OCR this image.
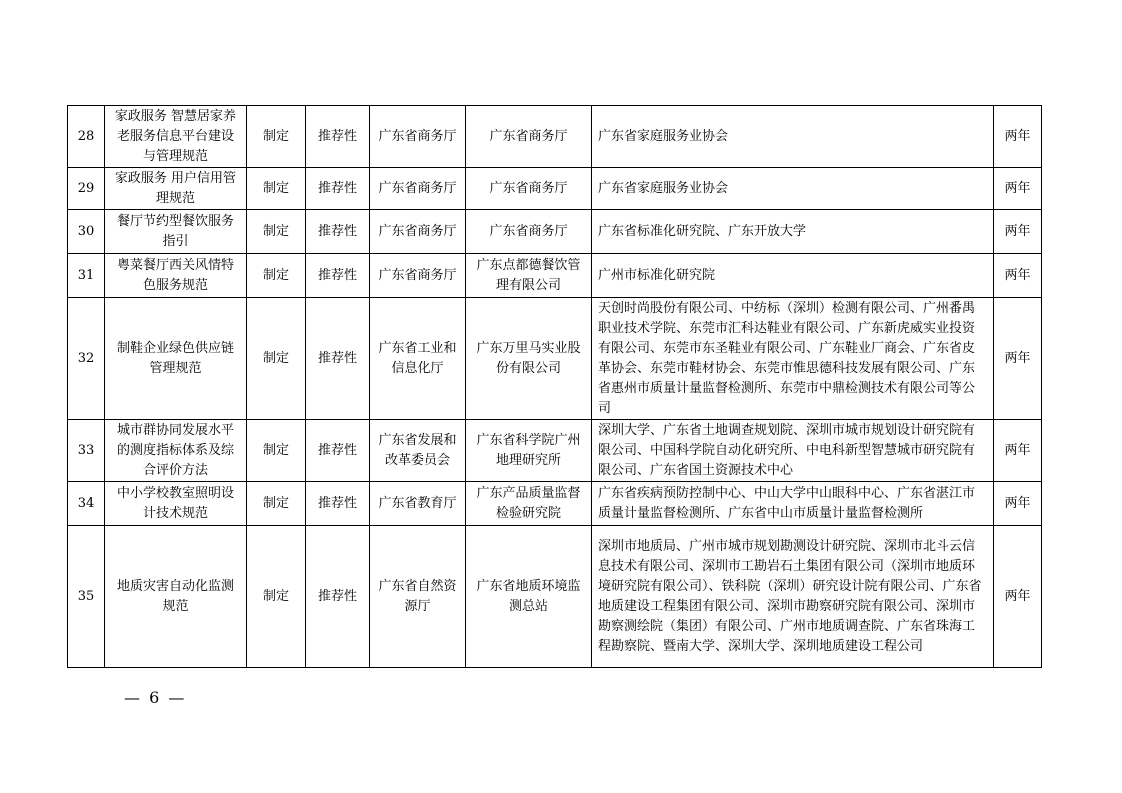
28	家政服务 智慧居家养老服务信息平台建设与管理规范	制定	推荐性	广东省商务厅	广东省商务厅	广东省家庭服务业协会	两年
29	家政服务 用户信用管理规范	制定	推荐性	广东省商务厅	广东省商务厅	广东省家庭服务业协会	两年
30	餐厅节约型餐饮服务指引	制定	推荐性	广东省商务厅	广东省商务厅	广东省标准化研究院、广东开放大学	两年
31	粤菜餐厅西关风情特色服务规范	制定	推荐性	广东省商务厅	广东点都德餐饮管理有限公司	广州市标准化研究院	两年
32	制鞋企业绿色供应链管理规范	制定	推荐性	广东省工业和信息化厅	广东万里马实业股份有限公司	天创时尚股份有限公司、中纺标（深圳）检测有限公司、广州番禺职业技术学院、东莞市汇科达鞋业有限公司、广东新虎威实业投资有限公司、东莞市东圣鞋业有限公司、广东鞋业厂商会、广东省皮革协会、东莞市鞋材协会、东莞市惟思德科技发展有限公司、广东省惠州市质量计量监督检测所、东莞市中鼎检测技术有限公司等公司	两年
33	城市群协同发展水平的测度指标体系及综合评价方法	制定	推荐性	广东省发展和改革委员会	广东省科学院广州地理研究所	深圳大学、广东省土地调查规划院、深圳市城市规划设计研究院有限公司、中国科学院自动化研究所、中电科新型智慧城市研究院有限公司、广东省国土资源技术中心	两年
34	中小学校教室照明设计技术规范	制定	推荐性	广东省教育厅	广东产品质量监督检验研究院	广东省疾病预防控制中心、中山大学中山眼科中心、广东省湛江市质量计量监督检测所、广东省中山市质量计量监督检测所	两年
35	地质灾害自动化监测规范	制定	推荐性	广东省自然资源厅	广东省地质环境监测总站	深圳市地质局、广州市城市规划勘测设计研究院、深圳市北斗云信息技术有限公司、深圳市工勘岩石土集团有限公司（深圳市地质环境研究院有限公司）、铁科院（深圳）研究设计院有限公司、广东省地质建设工程集团有限公司、深圳市勘察研究院有限公司、深圳市勘察测绘院（集团）有限公司、广州市地质调查院、广东省珠海工程勘察院、暨南大学、深圳大学、深圳地质建设工程公司	两年
— 6 —
